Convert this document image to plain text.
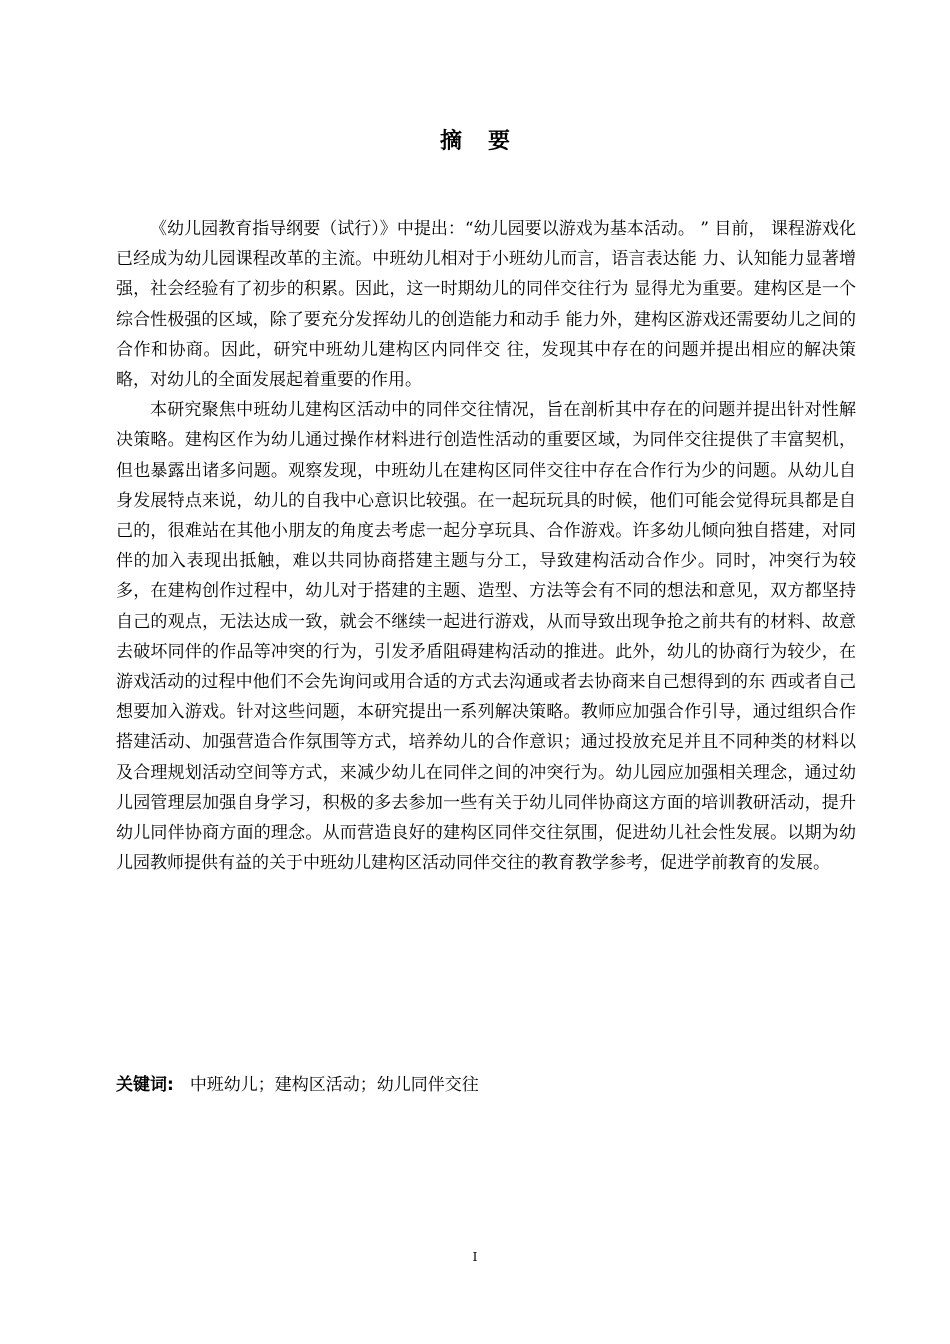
摘要

《幼儿园教育指导纲要（试行）》中提出：“幼儿园要以游戏为基本活动。 ” 目前， 课程游戏化已经成为幼儿园课程改革的主流。中班幼儿相对于小班幼儿而言，语言表达能 力、认知能力显著增强，社会经验有了初步的积累。因此，这一时期幼儿的同伴交往行为 显得尤为重要。建构区是一个综合性极强的区域，除了要充分发挥幼儿的创造能力和动手 能力外，建构区游戏还需要幼儿之间的合作和协商。因此，研究中班幼儿建构区内同伴交 往，发现其中存在的问题并提出相应的解决策略，对幼儿的全面发展起着重要的作用。

本研究聚焦中班幼儿建构区活动中的同伴交往情况，旨在剖析其中存在的问题并提出针对性解决策略。建构区作为幼儿通过操作材料进行创造性活动的重要区域，为同伴交往提供了丰富契机，但也暴露出诸多问题。观察发现，中班幼儿在建构区同伴交往中存在合作行为少的问题。从幼儿自身发展特点来说，幼儿的自我中心意识比较强。在一起玩玩具的时候，他们可能会觉得玩具都是自己的，很难站在其他小朋友的角度去考虑一起分享玩具、合作游戏。许多幼儿倾向独自搭建，对同伴的加入表现出抵触，难以共同协商搭建主题与分工，导致建构活动合作少。同时，冲突行为较多，在建构创作过程中，幼儿对于搭建的主题、造型、方法等会有不同的想法和意见，双方都坚持自己的观点，无法达成一致，就会不继续一起进行游戏，从而导致出现争抢之前共有的材料、故意去破坏同伴的作品等冲突的行为，引发矛盾阻碍建构活动的推进。此外，幼儿的协商行为较少，在游戏活动的过程中他们不会先询问或用合适的方式去沟通或者去协商来自己想得到的东 西或者自己想要加入游戏。针对这些问题，本研究提出一系列解决策略。教师应加强合作引导，通过组织合作搭建活动、加强营造合作氛围等方式，培养幼儿的合作意识；通过投放充足并且不同种类的材料以及合理规划活动空间等方式，来减少幼儿在同伴之间的冲突行为。幼儿园应加强相关理念，通过幼儿园管理层加强自身学习，积极的多去参加一些有关于幼儿同伴协商这方面的培训教研活动，提升幼儿同伴协商方面的理念。从而营造良好的建构区同伴交往氛围，促进幼儿社会性发展。以期为幼儿园教师提供有益的关于中班幼儿建构区活动同伴交往的教育教学参考，促进学前教育的发展。

关键词: 中班幼儿；建构区活动；幼儿同伴交往
I
